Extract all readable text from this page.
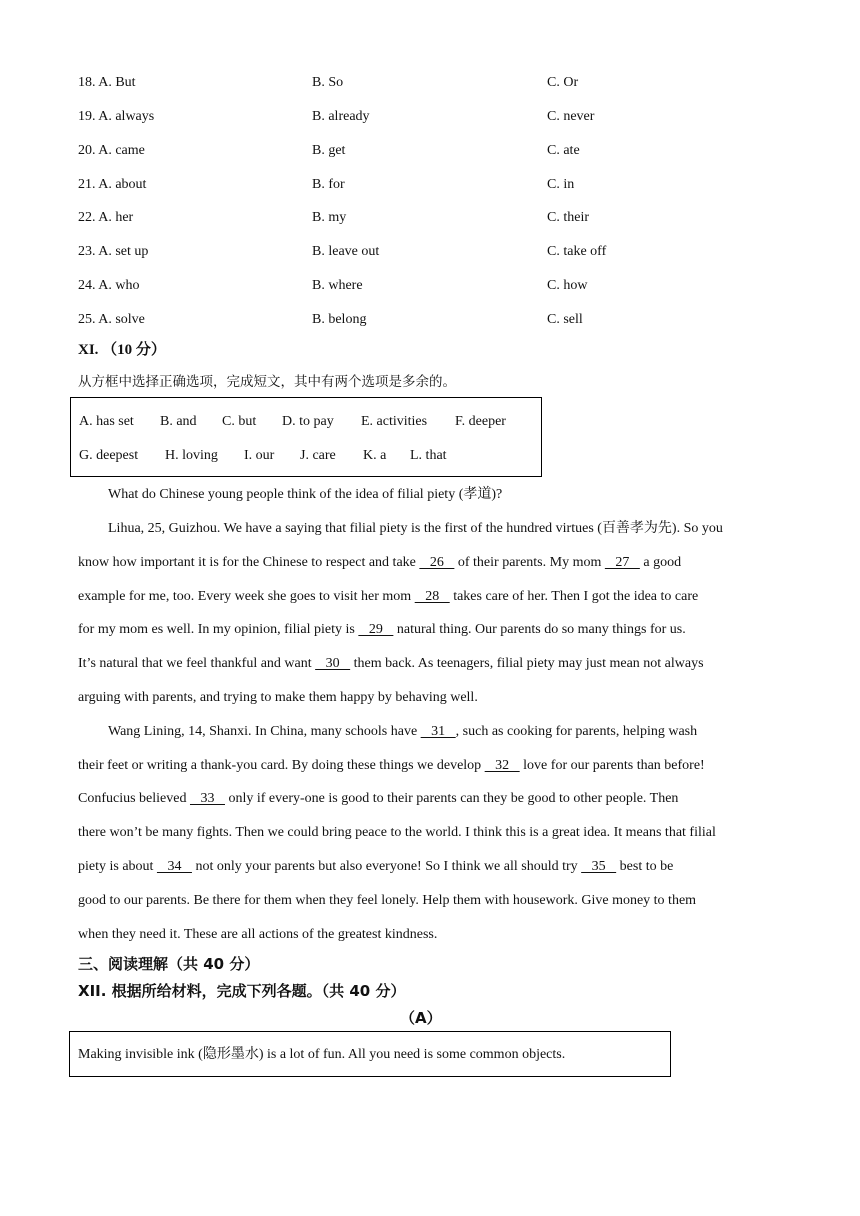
18. A. But	B. So	C. Or
19. A. always	B. already	C. never
20. A. came	B. get	C. ate
21. A. about	B. for	C. in
22. A. her	B. my	C. their
23. A. set up	B. leave out	C. take off
24. A. who	B. where	C. how
25. A. solve	B. belong	C. sell
XI. （10 分）
从方框中选择正确选项，完成短文，其中有两个选项是多余的。
A. has set B. and C. but D. to pay E. activities F. deeper
G. deepest H. loving I. our J. care K. a L. that
What do Chinese young people think of the idea of filial piety (孝道)?
Lihua, 25, Guizhou. We have a saying that filial piety is the first of the hundred virtues (百善孝为先). So you
know how important it is for the Chinese to respect and take    26    of their parents. My mom    27    a good
example for me, too. Every week she goes to visit her mom    28    takes care of her. Then I got the idea to care
for my mom es well. In my opinion, filial piety is    29    natural thing. Our parents do so many things for us.
It’s natural that we feel thankful and want    30    them back. As teenagers, filial piety may just mean not always
arguing with parents, and trying to make them happy by behaving well.
Wang Lining, 14, Shanxi. In China, many schools have    31   , such as cooking for parents, helping wash
their feet or writing a thank-you card. By doing these things we develop    32    love for our parents than before!
Confucius believed    33    only if every-one is good to their parents can they be good to other people. Then
there won’t be many fights. Then we could bring peace to the world. I think this is a great idea. It means that filial
piety is about    34    not only your parents but also everyone! So I think we all should try    35    best to be
good to our parents. Be there for them when they feel lonely. Help them with housework. Give money to them
when they need it. These are all actions of the greatest kindness.
三、阅读理解（共 40 分）
XII. 根据所给材料，完成下列各题。（共 40 分）
（A）
Making invisible ink (隐形墨水) is a lot of fun. All you need is some common objects.
